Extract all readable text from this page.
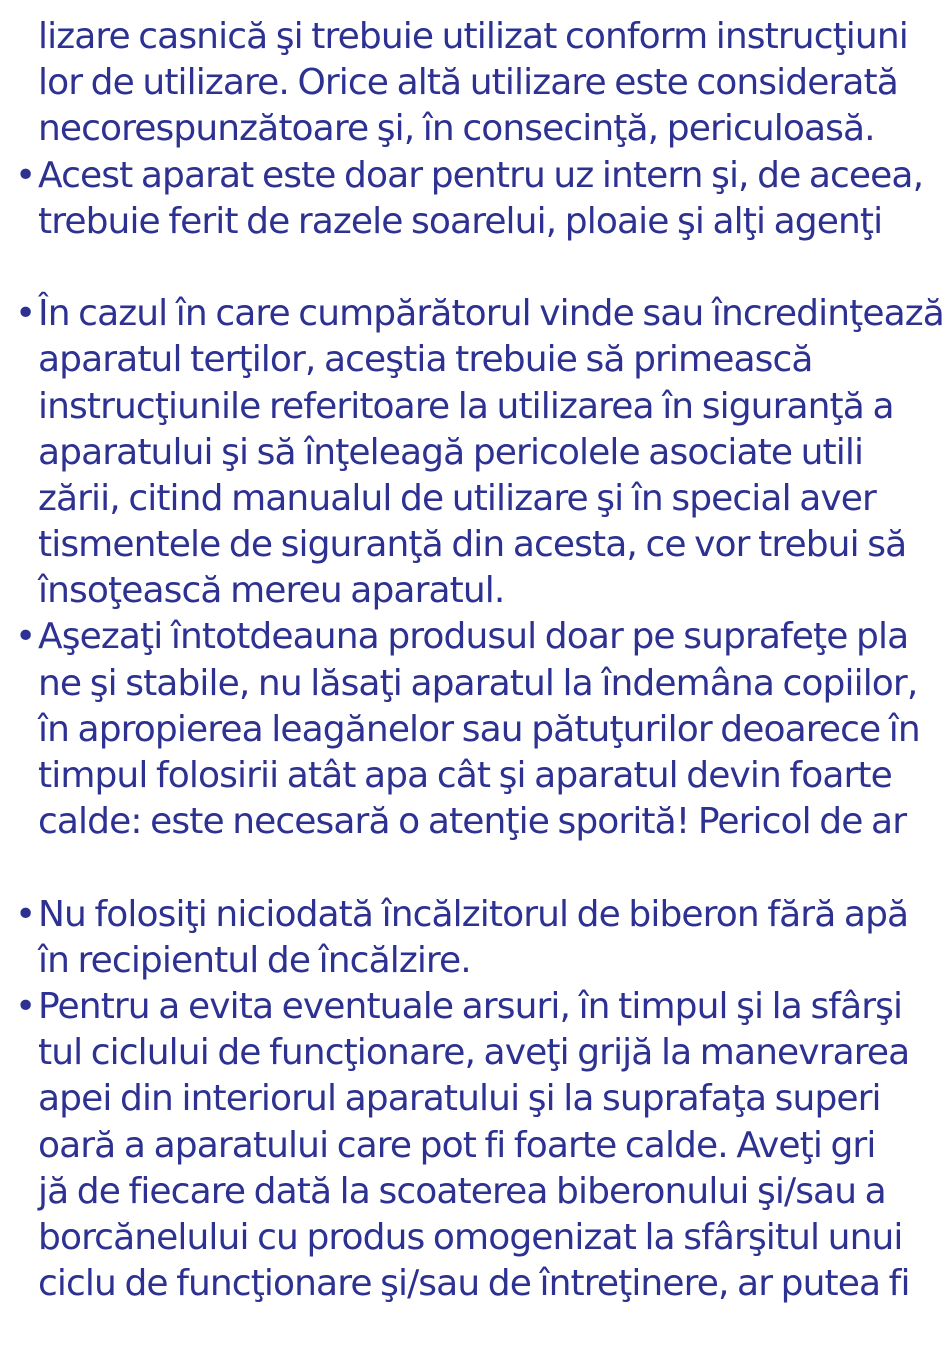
lizare casnică şi trebuie utilizat conform instrucţiuni
lor de utilizare. Orice altă utilizare este considerată
necorespunzătoare şi, în consecinţă, periculoasă.
• Acest aparat este doar pentru uz intern şi, de aceea,
trebuie ferit de razele soarelui, ploaie şi alţi agenţi
• În cazul în care cumpărătorul vinde sau încredinţează
aparatul terţilor, aceştia trebuie să primească
instrucţiunile referitoare la utilizarea în siguranţă a
aparatului şi să înţeleagă pericolele asociate utili
zării, citind manualul de utilizare şi în special aver
tismentele de siguranţă din acesta, ce vor trebui să
însoţească mereu aparatul.
• Aşezaţi întotdeauna produsul doar pe suprafeţe pla
ne şi stabile, nu lăsaţi aparatul la îndemâna copiilor,
în apropierea leagănelor sau pătuţurilor deoarece în
timpul folosirii atât apa cât şi aparatul devin foarte
calde: este necesară o atenţie sporită! Pericol de ar
• Nu folosiţi niciodată încălzitorul de biberon fără apă
în recipientul de încălzire.
• Pentru a evita eventuale arsuri, în timpul şi la sfârşi
tul ciclului de funcţionare, aveţi grijă la manevrarea
apei din interiorul aparatului şi la suprafaţa superi
oară a aparatului care pot fi foarte calde. Aveţi gri
jă de fiecare dată la scoaterea biberonului şi/sau a
borcănelului cu produs omogenizat la sfârşitul unui
ciclu de funcţionare şi/sau de întreţinere, ar putea fi
